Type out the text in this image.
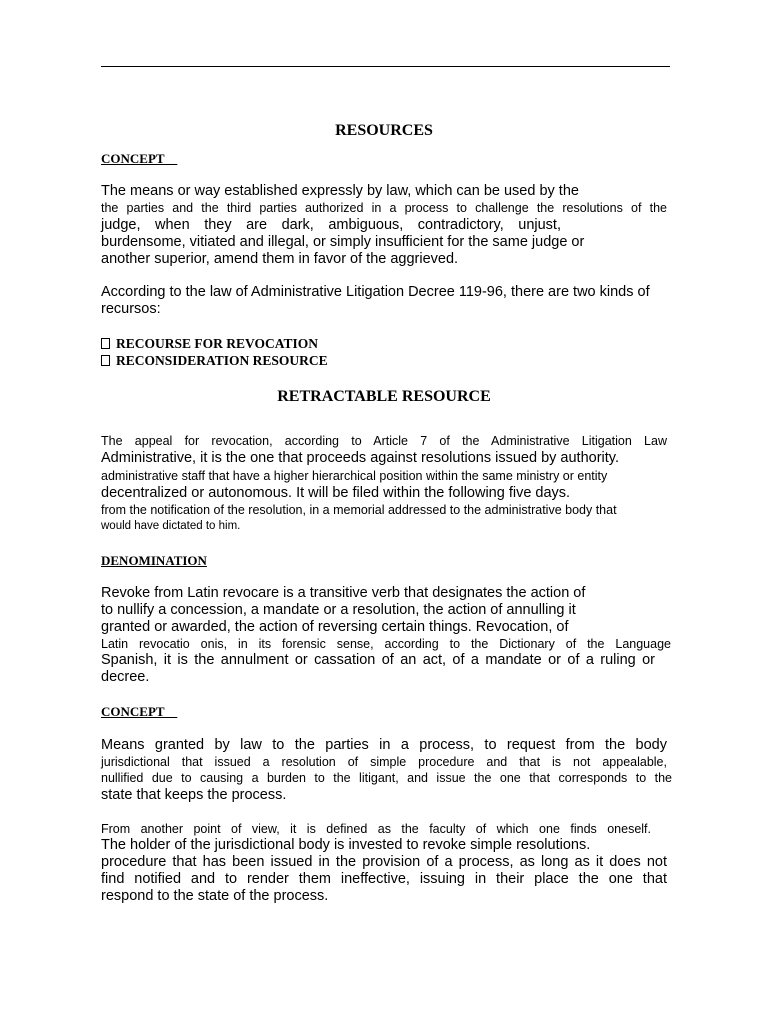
RESOURCES
CONCEPT
The means or way established expressly by law, which can be used by the
the parties and the third parties authorized in a process to challenge the resolutions of the
judge, when they are dark, ambiguous, contradictory, unjust,
burdensome, vitiated and illegal, or simply insufficient for the same judge or
another superior, amend them in favor of the aggrieved.
According to the law of Administrative Litigation Decree 119-96, there are two kinds of
recursos:
RECOURSE FOR REVOCATION
RECONSIDERATION RESOURCE
RETRACTABLE RESOURCE
The appeal for revocation, according to Article 7 of the Administrative Litigation Law
Administrative, it is the one that proceeds against resolutions issued by authority.
administrative staff that have a higher hierarchical position within the same ministry or entity
decentralized or autonomous. It will be filed within the following five days.
from the notification of the resolution, in a memorial addressed to the administrative body that
would have dictated to him.
DENOMINATION
Revoke from Latin revocare is a transitive verb that designates the action of
to nullify a concession, a mandate or a resolution, the action of annulling it
granted or awarded, the action of reversing certain things. Revocation, of
Latin revocatio onis, in its forensic sense, according to the Dictionary of the Language
Spanish, it is the annulment or cassation of an act, of a mandate or of a ruling or
decree.
CONCEPT
Means granted by law to the parties in a process, to request from the body
jurisdictional that issued a resolution of simple procedure and that is not appealable,
nullified due to causing a burden to the litigant, and issue the one that corresponds to the
state that keeps the process.
From another point of view, it is defined as the faculty of which one finds oneself.
The holder of the jurisdictional body is invested to revoke simple resolutions.
procedure that has been issued in the provision of a process, as long as it does not
find notified and to render them ineffective, issuing in their place the one that
respond to the state of the process.
